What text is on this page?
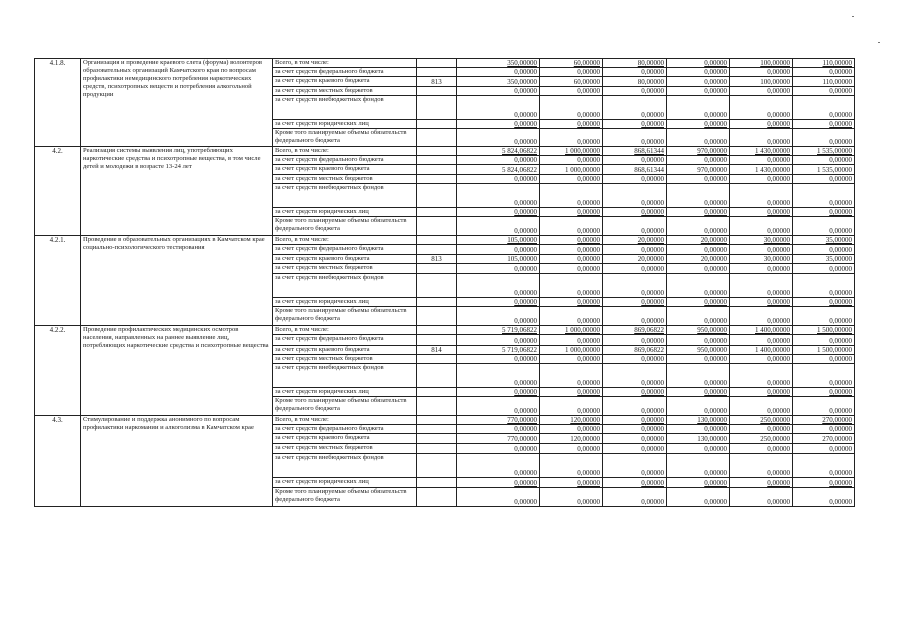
4.1.8.	Организация и проведение краевого слета (форума) волонтеров образовательных организаций Камчатского края по вопросам профилактики немедицинского потребления наркотических средств, психотропных веществ и потребления алкогольной продукции	Всего, в том числе:		350,00000	60,00000	80,00000	0,00000	100,00000	110,00000
		за счет средств федерального бюджета		0,00000	0,00000	0,00000	0,00000	0,00000	0,00000
		за счет средств краевого бюджета	813	350,00000	60,00000	80,00000	0,00000	100,00000	110,00000
		за счет средств местных бюджетов		0,00000	0,00000	0,00000	0,00000	0,00000	0,00000
		за счет средств внебюджетных фондов		0,00000	0,00000	0,00000	0,00000	0,00000	0,00000
		за счет средств юридических лиц		0,00000	0,00000	0,00000	0,00000	0,00000	0,00000
		Кроме того планируемые объемы обязательств федерального бюджета		0,00000	0,00000	0,00000	0,00000	0,00000	0,00000
4.2.	Реализация системы выявления лиц, употребляющих наркотические средства и психотропные вещества, в том числе детей и молодежи в возрасте 13-24 лет	Всего, в том числе:		5 824,06822	1 000,00000	868,61344	970,00000	1 430,00000	1 535,00000
		за счет средств федерального бюджета		0,00000	0,00000	0,00000	0,00000	0,00000	0,00000
		за счет средств краевого бюджета		5 824,06822	1 000,00000	868,61344	970,00000	1 430,00000	1 535,00000
		за счет средств местных бюджетов		0,00000	0,00000	0,00000	0,00000	0,00000	0,00000
		за счет средств внебюджетных фондов		0,00000	0,00000	0,00000	0,00000	0,00000	0,00000
		за счет средств юридических лиц		0,00000	0,00000	0,00000	0,00000	0,00000	0,00000
		Кроме того планируемые объемы обязательств федерального бюджета		0,00000	0,00000	0,00000	0,00000	0,00000	0,00000
4.2.1.	Проведение в образовательных организациях в Камчатском крае социально-психологического тестирования	Всего, в том числе:		105,00000	0,00000	20,00000	20,00000	30,00000	35,00000
		за счет средств федерального бюджета		0,00000	0,00000	0,00000	0,00000	0,00000	0,00000
		за счет средств краевого бюджета	813	105,00000	0,00000	20,00000	20,00000	30,00000	35,00000
		за счет средств местных бюджетов		0,00000	0,00000	0,00000	0,00000	0,00000	0,00000
		за счет средств внебюджетных фондов		0,00000	0,00000	0,00000	0,00000	0,00000	0,00000
		за счет средств юридических лиц		0,00000	0,00000	0,00000	0,00000	0,00000	0,00000
		Кроме того планируемые объемы обязательств федерального бюджета		0,00000	0,00000	0,00000	0,00000	0,00000	0,00000
4.2.2.	Проведение профилактических медицинских осмотров населения, направленных на раннее выявление лиц, потребляющих наркотические средства и психотропные вещества	Всего, в том числе:		5 719,06822	1 000,00000	869,06822	950,00000	1 400,00000	1 500,00000
		за счет средств федерального бюджета		0,00000	0,00000	0,00000	0,00000	0,00000	0,00000
		за счет средств краевого бюджета	814	5 719,06822	1 000,00000	869,06822	950,00000	1 400,00000	1 500,00000
		за счет средств местных бюджетов		0,00000	0,00000	0,00000	0,00000	0,00000	0,00000
		за счет средств внебюджетных фондов		0,00000	0,00000	0,00000	0,00000	0,00000	0,00000
		за счет средств юридических лиц		0,00000	0,00000	0,00000	0,00000	0,00000	0,00000
		Кроме того планируемые объемы обязательств федерального бюджета		0,00000	0,00000	0,00000	0,00000	0,00000	0,00000
4.3.	Стимулирование и поддержка анонимного по вопросам профилактики наркомании и алкоголизма в Камчатском крае	Всего, в том числе:		770,00000	120,00000	0,00000	130,00000	250,00000	270,00000
		за счет средств федерального бюджета		0,00000	0,00000	0,00000	0,00000	0,00000	0,00000
		за счет средств краевого бюджета		770,00000	120,00000	0,00000	130,00000	250,00000	270,00000
		за счет средств местных бюджетов		0,00000	0,00000	0,00000	0,00000	0,00000	0,00000
		за счет средств внебюджетных фондов		0,00000	0,00000	0,00000	0,00000	0,00000	0,00000
		за счет средств юридических лиц		0,00000	0,00000	0,00000	0,00000	0,00000	0,00000
		Кроме того планируемые объемы обязательств федерального бюджета		0,00000	0,00000	0,00000	0,00000	0,00000	0,00000
